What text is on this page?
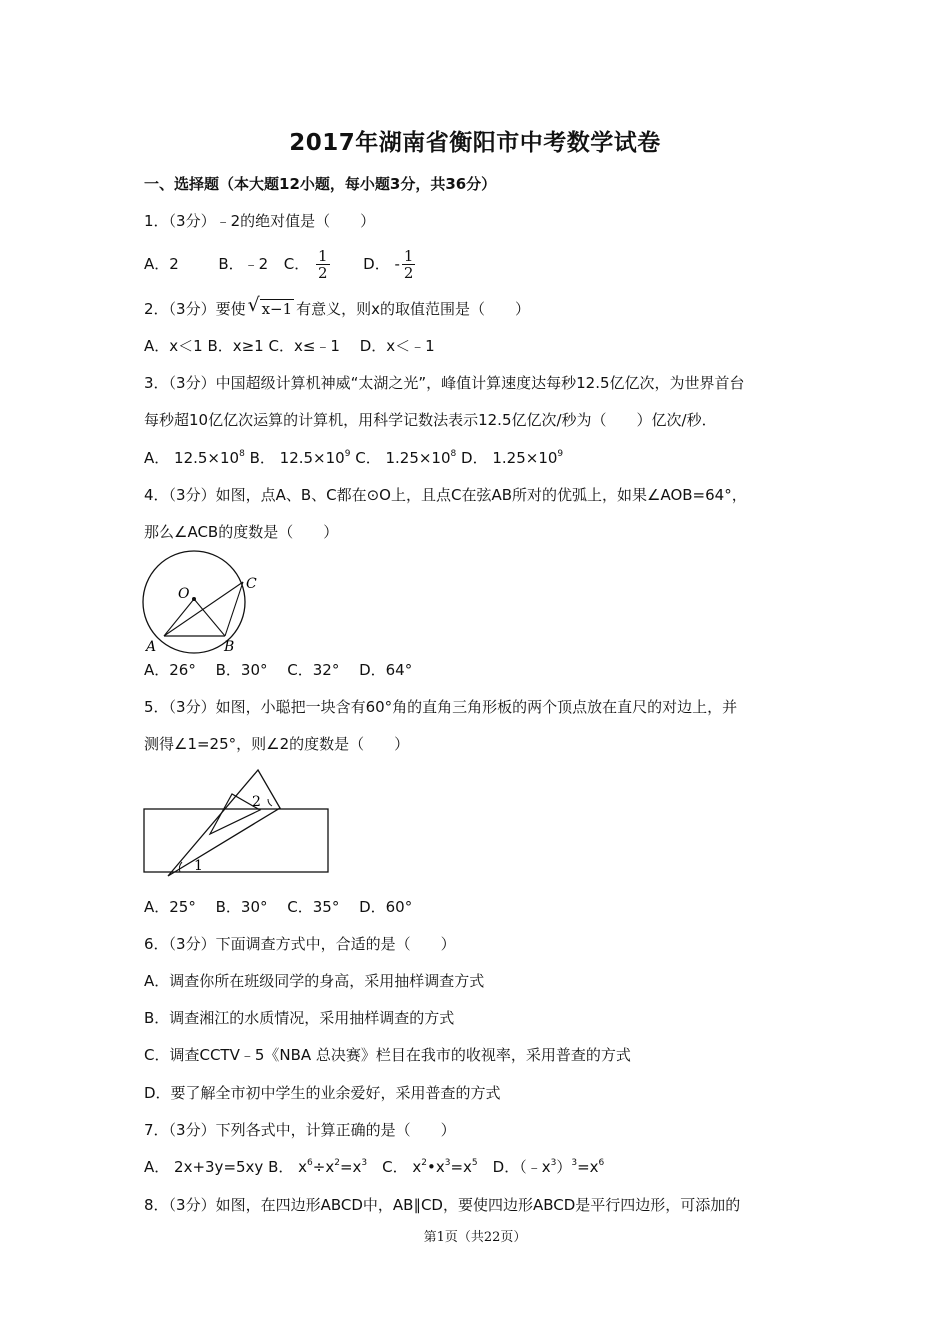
2017年湖南省衡阳市中考数学试卷
一、选择题（本大题12小题，每小题3分，共36分）
1．（3分）﹣2的绝对值是（　　）
A．2	B．﹣2 C． $\frac{1}{2}$ D． - $\frac{1}{2}$
2．（3分）要使 √ x−1 有意义，则x的取值范围是（　　）
A．x＜1 B．x≥1 C．x≤﹣1　 D．x＜﹣1
3．（3分）中国超级计算机神威“太湖之光”，峰值计算速度达每秒12.5亿亿次，为世界首台
每秒超10亿亿次运算的计算机，用科学记数法表示12.5亿亿次/秒为（　　）亿次/秒．
A． $12.5\times 10^8$ B． $12.5\times 10^9$ C． $1.25\times 10^8$ D． $1.25\times 10^9$
4．（3分）如图，点A、B、C都在⊙O上，且点C在弦AB所对的优弧上，如果∠AOB=64°，
那么∠ACB的度数是（　　）
O
A	B
C
A．26°　 B．30°　 C．32°　 D．64°
5．（3分）如图，小聪把一块含有60°角的直角三角形板的两个顶点放在直尺的对边上，并
测得∠1=25°，则∠2的度数是（　　）
1
2
A．25°　 B．30°　 C．35°　 D．60°
6．（3分）下面调查方式中，合适的是（　　）
A．调查你所在班级同学的身高，采用抽样调查方式
B．调查湘江的水质情况，采用抽样调查的方式
C．调查CCTV﹣5《NBA 总决赛》栏目在我市的收视率，采用普查的方式
D．要了解全市初中学生的业余爱好，采用普查的方式
7．（3分）下列各式中，计算正确的是（　　）
A． 2x+3y=5xy B． $x^6\div x^2=x^3$　C． $x^2•x^3=x^5$　D．$(﹣x^3)^3=x^6$
8．（3分）如图，在四边形ABCD中，AB∥CD，要使四边形ABCD是平行四边形，可添加的
第1页（共22页）
